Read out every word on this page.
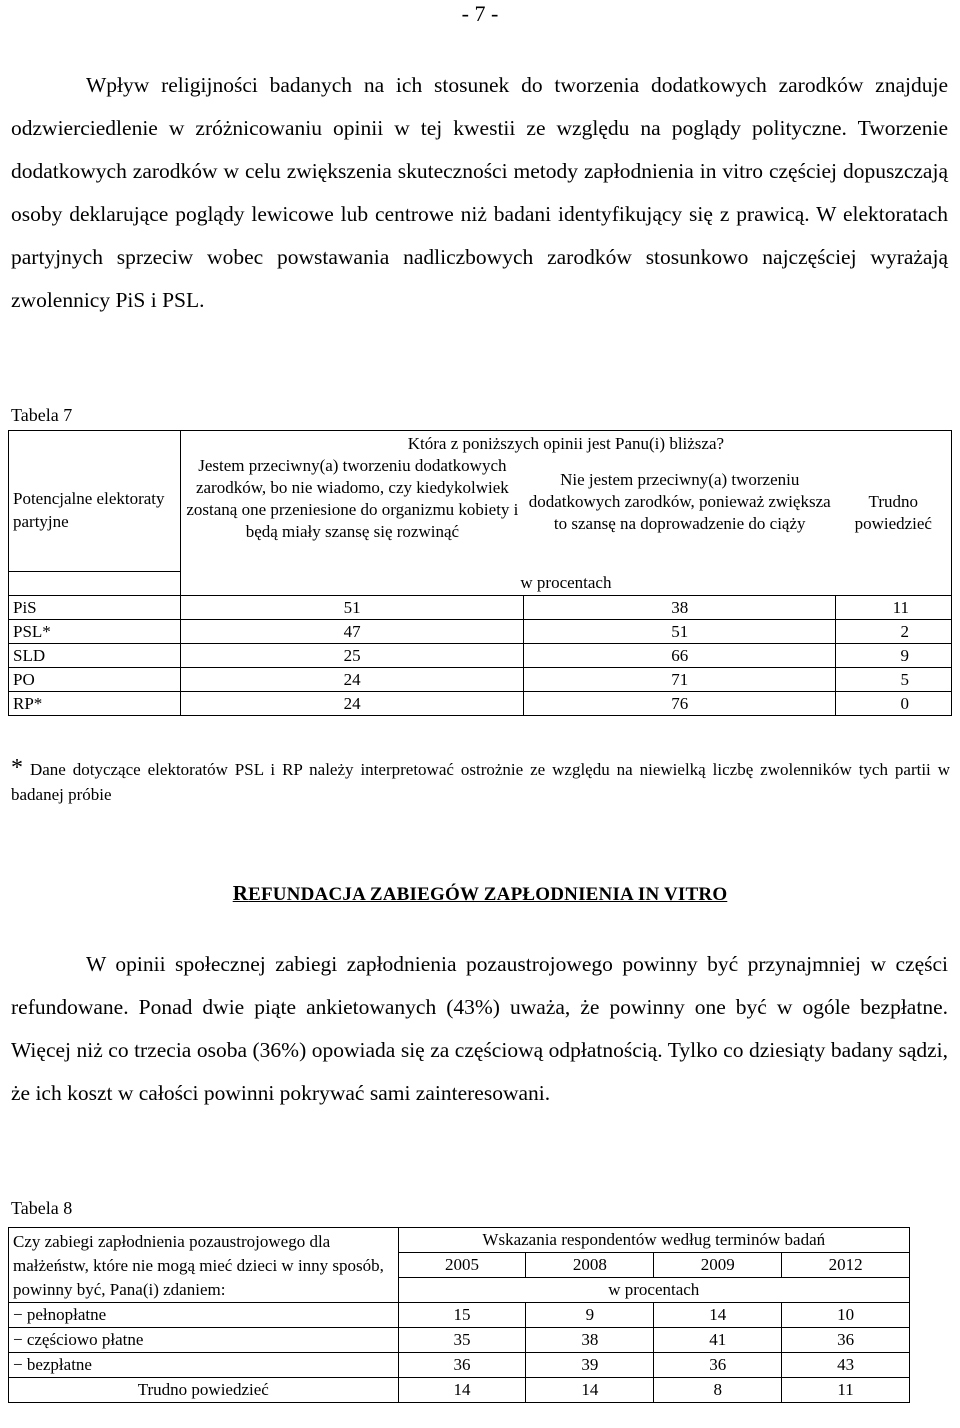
- 7 -

Wpływ religijności badanych na ich stosunek do tworzenia dodatkowych zarodków znajduje odzwierciedlenie w zróżnicowaniu opinii w tej kwestii ze względu na poglądy polityczne. Tworzenie dodatkowych zarodków w celu zwiększenia skuteczności metody zapłodnienia in vitro częściej dopuszczają osoby deklarujące poglądy lewicowe lub centrowe niż badani identyfikujący się z prawicą. W elektoratach partyjnych sprzeciw wobec powstawania nadliczbowych zarodków stosunkowo najczęściej wyrażają zwolennicy PiS i PSL.

Tabela 7
Potencjalne elektoraty partyjne	Która z poniższych opinii jest Panu(i) bliższa?		
	Jestem przeciwny(a) tworzeniu dodatkowych zarodków, bo nie wiadomo, czy kiedykolwiek zostaną one przeniesione do organizmu kobiety i będą miały szansę się rozwinąć	Nie jestem przeciwny(a) tworzeniu dodatkowych zarodków, ponieważ zwiększa to szansę na doprowadzenie do ciąży	Trudno powiedzieć
	w procentach		
PiS	51	38	11
PSL*	47	51	2
SLD	25	66	9
PO	24	71	5
RP*	24	76	0
* Dane dotyczące elektoratów PSL i RP należy interpretować ostrożnie ze względu na niewielką liczbę zwolenników tych partii w badanej próbie
REFUNDACJA ZABIEGÓW ZAPŁODNIENIA IN VITRO

W opinii społecznej zabiegi zapłodnienia pozaustrojowego powinny być przynajmniej w części refundowane. Ponad dwie piąte ankietowanych (43%) uważa, że powinny one być w ogóle bezpłatne. Więcej niż co trzecia osoba (36%) opowiada się za częściową odpłatnością. Tylko co dziesiąty badany sądzi, że ich koszt w całości powinni pokrywać sami zainteresowani.

Tabela 8
Czy zabiegi zapłodnienia pozaustrojowego dla małżeństw, które nie mogą mieć dzieci w inny sposób, powinny być, Pana(i) zdaniem:	Wskazania respondentów według terminów badań			
	2005	2008	2009	2012
	w procentach			
− pełnopłatne	15	9	14	10
− częściowo płatne	35	38	41	36
− bezpłatne	36	39	36	43
Trudno powiedzieć	14	14	8	11
